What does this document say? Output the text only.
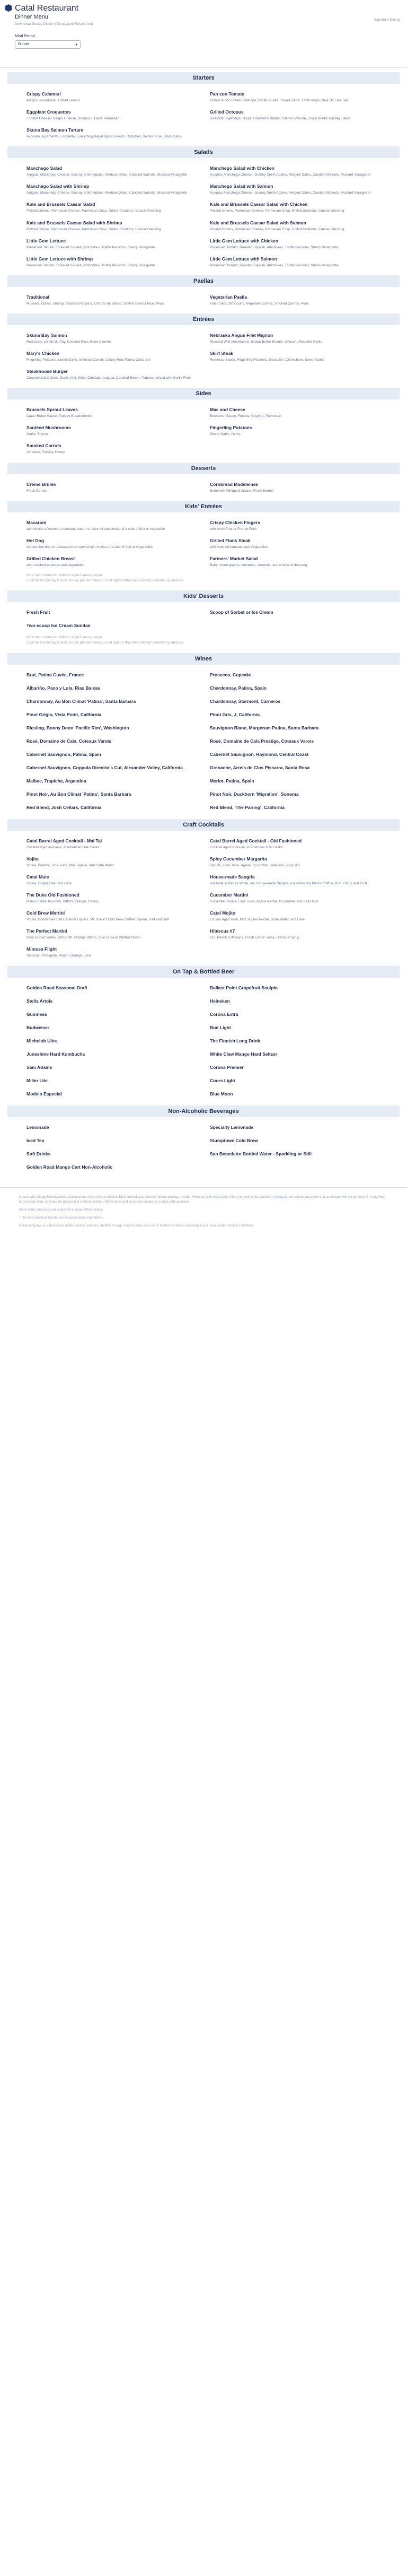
Catal Restaurant
Dinner Menu
Downtown Disney District | Disneyland Resort Area
Signature Dining
Meal Period
Dinner	▾
Starters
Crispy Calamari
Aleppo-Spiced Aioli, Grilled Lemon
Pan con Tomate
Grilled Rustic Bread, Vine-ripe Tomato Purée, Sweet Garlic, Extra Virgin Olive Oil, Sea Salt
Eggplant Croquettes
Fontina Cheese, Ginger Cheese, Romesco, Basil, Parmesan
Grilled Octopus
Roasted Fingerlings, Nduja, Roasted Poblano, Cilantro Velouté, crispy Bread, Parsley Salad
Skuna Bay Salmon Tartare
Avocado, Aji Amarillo, Espelette, Everything Bagel Spice Lavash, Radishes, Salmon Roe, Black Garlic
Salads
Manchego Salad
Arugula, Manchego Cheese, Granny Smith Apples, Medjool Dates, Candied Walnuts, Mustard Vinaigrette
Manchego Salad with Chicken
Arugula, Manchego Cheese, Granny Smith Apples, Medjool Dates, Candied Walnuts, Mustard Vinaigrette
Manchego Salad with Shrimp
Arugula, Manchego Cheese, Granny Smith Apples, Medjool Dates, Candied Walnuts, Mustard Vinaigrette
Manchego Salad with Salmon
Arugula, Manchego Cheese, Granny Smith Apples, Medjool Dates, Candied Walnuts, Mustard Vinaigrette
Kale and Brussels Caesar Salad
Pickled Onions, Parmesan Cheese, Parmesan Crisp, Grilled Croutons, Caesar Dressing
Kale and Brussels Caesar Salad with Chicken
Pickled Onions, Parmesan Cheese, Parmesan Crisp, Grilled Croutons, Caesar Dressing
Kale and Brussels Caesar Salad with Shrimp
Pickled Onions, Parmesan Cheese, Parmesan Crisp, Grilled Croutons, Caesar Dressing
Kale and Brussels Caesar Salad with Salmon
Pickled Onions, Parmesan Cheese, Parmesan Crisp, Grilled Croutons, Caesar Dressing
Little Gem Lettuce
Preserved Tomato, Roasted Squash, Artichokes, Truffle Pecorino, Sherry Vinaigrette
Little Gem Lettuce with Chicken
Preserved Tomato, Roasted Squash, Artichokes, Truffle Pecorino, Sherry Vinaigrette
Little Gem Lettuce with Shrimp
Preserved Tomato, Roasted Squash, Artichokes, Truffle Pecorino, Sherry Vinaigrette
Little Gem Lettuce with Salmon
Preserved Tomato, Roasted Squash, Artichokes, Truffle Pecorino, Sherry Vinaigrette
Paellas
Traditional
Mussels, Clams, Shrimp, Roasted Peppers, Chorizo de Bilbao, Saffron Bomba Rice, Peas
Vegetarian Paella
Fideo Seco, Broccolini, Vegetable Sofrito, Smoked Carrots, Peas
Entrées
Skuna Bay Salmon
Red Curry, Lentils du Puy, Coconut Rice, Micro Cilantro
Nebraska Angus Filet Mignon
Roasted Wild Mushrooms, Brown Butter Risotto, Gnocchi, Roasted Garlic
Mary's Chicken
Fingerling Potatoes, sweet Garlic, Smoked Carrots, Celery Root Panna Cotta Jus
Skirt Steak
Romesco Sauce, Fingerling Potatoes, Broccolini, Chimichurri, Sweet Garlic
Steakhouse Burger
Caramelized Onions, Garlic Aioli, White Cheddar, Arugula, Candied Bacon, Tomato, served with Garlic Fries
Sides
Brussels Sprout Leaves
Caper Butter Sauce, Parsley Breadcrumbs
Mac and Cheese
Béchamel Sauce, Fontina, Gruyère, Parmesan
Sautéed Mushrooms
Garlic, Thyme
Fingerling Potatoes
Sweet Garlic, Herbs
Smoked Carrots
Almonds, Parsley, Honey
Desserts
Crème Brûlée
Fresh Berries
Cornbread Madeleines
Buttermilk Whipped Cream, Fresh Berries
Kids' Entrées
Macaroni
with choice of cheese, marinara, butter, or olive oil and choice of a side of fruit or vegetable
Crispy Chicken Fingers
with fresh Fruit or French Fries
Hot Dog
All-beef hot dog on a toasted bun served with choice of a side of fruit or vegetables
Grilled Flank Steak
with mashed potatoes and vegetables
Grilled Chicken Breast
with mashed potatoes and vegetables
Farmers' Market Salad
Baby mixed greens, tomatoes, croutons, and choice of dressing
Kids' menu items for children aged 9 and younger.
Look for the Disney Check icon on printed menus to find options that meet Disney's nutrition guidelines.
Kids' Desserts
Fresh Fruit	Scoop of Sorbet or Ice Cream
Two-scoop Ice Cream Sundae
Kids' menu items for children aged 9 and younger.
Look for the Disney Check icon on printed menus to find options that meet Disney's nutrition guidelines.
Wines
Brut, Patina Cuvée, France	Prosecco, Cupcake
Albariño, Paco y Lola, Rias Baixas	Chardonnay, Patina, Spain
Chardonnay, Au Bon Climat 'Patina', Santa Barbara	Chardonnay, Starmont, Carneros
Pinot Grigio, Vista Point, California	Pinot Gris, J, California
Riesling, Bonny Doon 'Pacific Rim', Washington	Sauvignon Blanc, Margerum Patina, Santa Barbara
Rosé, Domaine de Cala, Coteaux Varois	Rosé, Domaine de Cala Prestige, Coteaux Varois
Cabernet Sauvignon, Patina, Spain	Cabernet Sauvignon, Raymond, Central Coast
Cabernet Sauvignon, Coppola Director's Cut, Alexander Valley, California	Grenache, Arrels de Clos Pissarra, Santa Rosa
Malbec, Trapiche, Argentina	Merlot, Patina, Spain
Pinot Noir, Au Bon Climat 'Patina', Santa Barbara	Pinot Noir, Duckhorn 'Migration', Sonoma
Red Blend, Josh Cellars, California	Red Blend, 'The Pairing', California
Craft Cocktails
Catal Barrel Aged Cocktail - Mai Tai
Cocktail aged in-house, in American Oak Casks
Catal Barrel Aged Cocktail - Old Fashioned
Cocktail aged in-house, in American Oak Casks
Vojito
Vodka, Berries, Lime Juice, Mint, Agave, and Soda Water
Spicy Cucumber Margarita
Tequila, Lime Juice, Agave, Cucumber, Jalapeño, spicy rim
Catal Mule
Vodka, Ginger Beer and Lime
House-made Sangria
available in Red or White, our House-made Sangria is a refreshing blend of Wine, Port, Citrus and Fruit
The Duke Old Fashioned
Maker's Mark Bourbon, Bitters, Orange, Cherry
Cucumber Martini
Cucumber Vodka, Lime Juice, Agave Nectar, Cucumber, and Basil Mint
Cold Brew Martini
Vodka, Donde Sea Salt Caramel Liqueur, Mr. Black's Cold Brew Coffee Liqueur, Half and Half
Catal Mojito
Cruzan Aged Rum, Mint, Agave Nectar, Soda Water, and Lime
The Perfect Martini
Grey Goose Vodka, Vermouth, Orange Bitters, Blue Cheese Stuffed Olives
Hibiscus #7
Gin, Peach Schnapps, Fresh Lemon Juice, Hibiscus Syrup
Mimosa Flight
Hibiscus, Pineapple, Peach, Orange Juice
On Tap & Bottled Beer
Golden Road Seasonal Draft	Ballast Point Grapefruit Sculpin
Stella Artois	Heineken
Guinness	Corona Extra
Budweiser	Bud Light
Michelob Ultra	The Finnish Long Drink
Juneshine Hard Kombucha	White Claw Mango Hard Seltzer
Sam Adams	Corona Premier
Miller Lite	Coors Light
Modelo Especial	Blue Moon
Non-Alcoholic Beverages
Lemonade	Specialty Lemonade
Iced Tea	Stumptown Cold Brew
Soft Drinks	San Benedetto Bottled Water - Sparkling or Still
Golden Road Mango Cart Non-Alcoholic

Guests with allergy-friendly needs should speak with a Chef or Special Diets trained Cast Member before placing an order. While we take reasonable efforts to avoid cross-contact of allergens, we cannot guarantee that an allergen will not be present in any food or beverage item, as foods are prepared in a shared kitchen. Menu items and prices are subject to change without notice.

Menu items and prices are subject to change without notice.

* The items marked include raw or undercooked ingredients.

Consuming raw or undercooked meats, poultry, seafood, shellfish or eggs may increase your risk of foodborne illness, especially if you have certain medical conditions.
